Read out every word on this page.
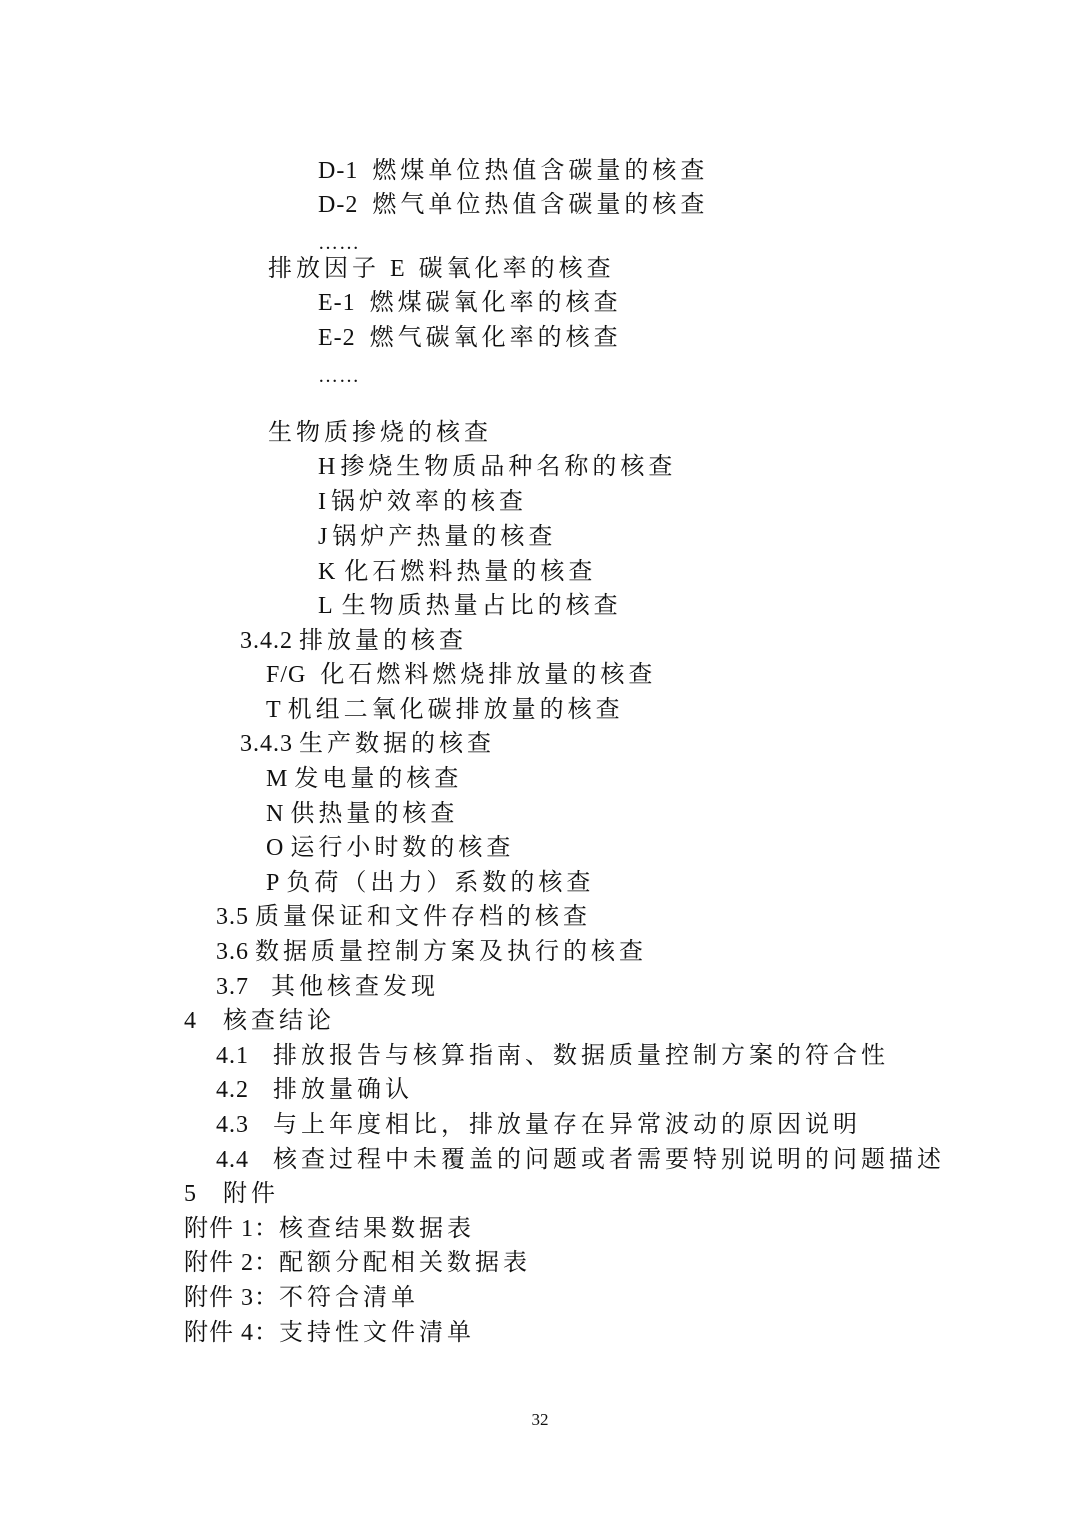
D-1 燃煤单位热值含碳量的核查
D-2 燃气单位热值含碳量的核查
……
排放因子 E 碳氧化率的核查
E-1 燃煤碳氧化率的核查
E-2 燃气碳氧化率的核查
……
生物质掺烧的核查
H 掺烧生物质品种名称的核查
I 锅炉效率的核查
J 锅炉产热量的核查
K 化石燃料热量的核查
L 生物质热量占比的核查
3.4.2 排放量的核查
F/G 化石燃料燃烧排放量的核查
T 机组二氧化碳排放量的核查
3.4.3 生产数据的核查
M 发电量的核查
N 供热量的核查
O 运行小时数的核查
P 负荷（出力）系数的核查
3.5 质量保证和文件存档的核查
3.6 数据质量控制方案及执行的核查
3.7 其他核查发现
4 核查结论
4.1 排放报告与核算指南、数据质量控制方案的符合性
4.2 排放量确认
4.3 与上年度相比，排放量存在异常波动的原因说明
4.4 核查过程中未覆盖的问题或者需要特别说明的问题描述
5 附件
附件 1：核查结果数据表
附件 2：配额分配相关数据表
附件 3：不符合清单
附件 4：支持性文件清单
32
